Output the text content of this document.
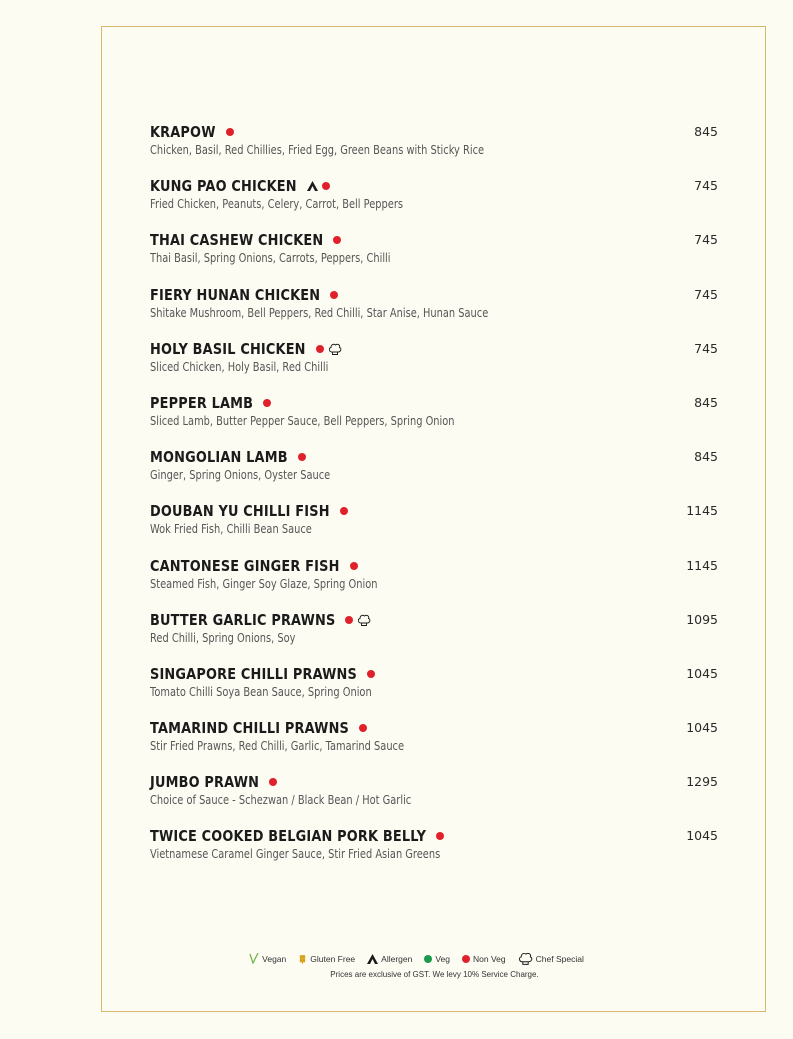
KRAPOW
Chicken, Basil, Red Chillies, Fried Egg, Green Beans with Sticky Rice
845
KUNG PAO CHICKEN
Fried Chicken, Peanuts, Celery, Carrot, Bell Peppers
745
THAI CASHEW CHICKEN
Thai Basil, Spring Onions, Carrots, Peppers, Chilli
745
FIERY HUNAN CHICKEN
Shitake Mushroom, Bell Peppers, Red Chilli, Star Anise, Hunan Sauce
745
HOLY BASIL CHICKEN
Sliced Chicken, Holy Basil, Red Chilli
745
PEPPER LAMB
Sliced Lamb, Butter Pepper Sauce, Bell Peppers, Spring Onion
845
MONGOLIAN LAMB
Ginger, Spring Onions, Oyster Sauce
845
DOUBAN YU CHILLI FISH
Wok Fried Fish, Chilli Bean Sauce
1145
CANTONESE GINGER FISH
Steamed Fish, Ginger Soy Glaze, Spring Onion
1145
BUTTER GARLIC PRAWNS
Red Chilli, Spring Onions, Soy
1095
SINGAPORE CHILLI PRAWNS
Tomato Chilli Soya Bean Sauce, Spring Onion
1045
TAMARIND CHILLI PRAWNS
Stir Fried Prawns, Red Chilli, Garlic, Tamarind Sauce
1045
JUMBO PRAWN
Choice of Sauce - Schezwan / Black Bean / Hot Garlic
1295
TWICE COOKED BELGIAN PORK BELLY
Vietnamese Caramel Ginger Sauce, Stir Fried Asian Greens
1045
Vegan	Gluten Free	Allergen	Veg	Non Veg	Chef Special
Prices are exclusive of GST. We levy 10% Service Charge.
